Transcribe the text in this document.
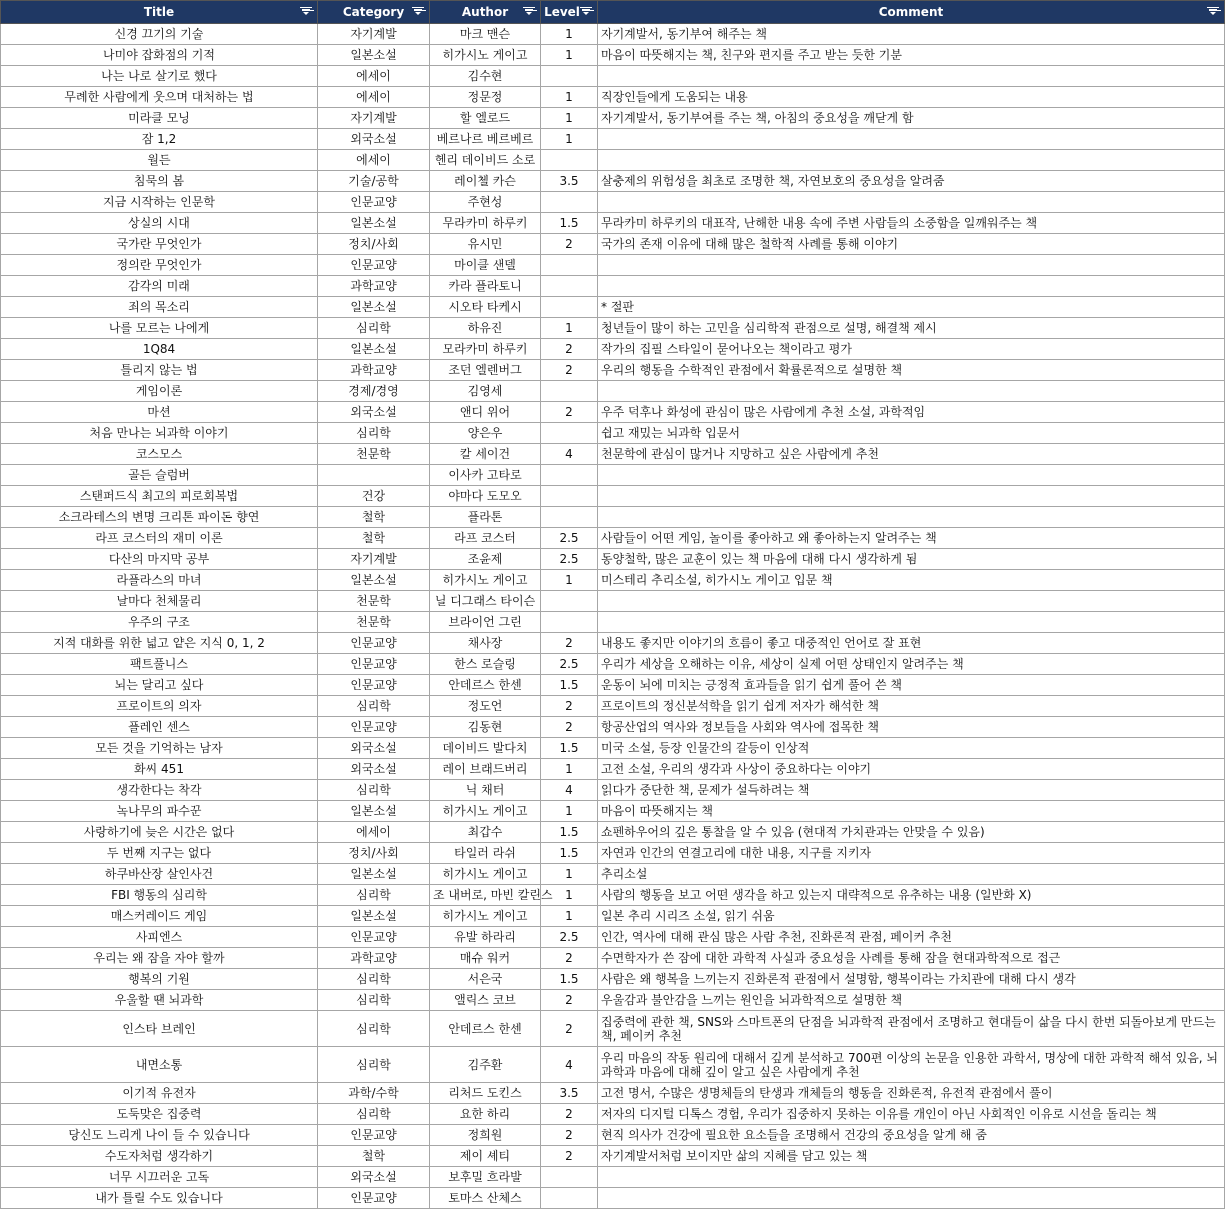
Title	Category	Author	Level	Comment

신경 끄기의 기술	자기계발	마크 맨슨	1	자기계발서, 동기부여 해주는 책
나미야 잡화점의 기적	일본소설	히가시노 게이고	1	마음이 따뜻해지는 책, 친구와 편지를 주고 받는 듯한 기분
나는 나로 살기로 했다	에세이	김수현		
무례한 사람에게 웃으며 대처하는 법	에세이	정문정	1	직장인들에게 도움되는 내용
미라클 모닝	자기계발	할 엘로드	1	자기계발서, 동기부여를 주는 책, 아침의 중요성을 깨닫게 함
잠 1,2	외국소설	베르나르 베르베르	1	
월든	에세이	헨리 데이비드 소로		
침묵의 봄	기술/공학	레이첼 카슨	3.5	살충제의 위험성을 최초로 조명한 책, 자연보호의 중요성을 알려줌
지금 시작하는 인문학	인문교양	주현성		
상실의 시대	일본소설	무라카미 하루키	1.5	무라카미 하루키의 대표작, 난해한 내용 속에 주변 사람들의 소중함을 일깨워주는 책
국가란 무엇인가	정치/사회	유시민	2	국가의 존재 이유에 대해 많은 철학적 사례를 통해 이야기
정의란 무엇인가	인문교양	마이클 샌델		
감각의 미래	과학교양	카라 플라토니		
죄의 목소리	일본소설	시오타 타케시		* 절판
나를 모르는 나에게	심리학	하유진	1	청년들이 많이 하는 고민을 심리학적 관점으로 설명, 해결책 제시
1Q84	일본소설	모라카미 하루키	2	작가의 집필 스타일이 묻어나오는 책이라고 평가
틀리지 않는 법	과학교양	조던 엘렌버그	2	우리의 행동을 수학적인 관점에서 확률론적으로 설명한 책
게임이론	경제/경영	김영세		
마션	외국소설	앤디 위어	2	우주 덕후나 화성에 관심이 많은 사람에게 추천 소설, 과학적임
처음 만나는 뇌과학 이야기	심리학	양은우		쉽고 재밌는 뇌과학 입문서
코스모스	천문학	칼 세이건	4	천문학에 관심이 많거나 지망하고 싶은 사람에게 추천
골든 슬럼버		이사카 고타로		
스탠퍼드식 최고의 피로회복법	건강	야마다 도모오		
소크라테스의 변명 크리톤 파이돈 향연	철학	플라톤		
라프 코스터의 재미 이론	철학	라프 코스터	2.5	사람들이 어떤 게임, 놀이를 좋아하고 왜 좋아하는지 알려주는 책
다산의 마지막 공부	자기계발	조윤제	2.5	동양철학, 많은 교훈이 있는 책 마음에 대해 다시 생각하게 됨
라플라스의 마녀	일본소설	히가시노 게이고	1	미스테리 추리소설, 히가시노 게이고 입문 책
날마다 천체물리	천문학	닐 디그래스 타이슨		
우주의 구조	천문학	브라이언 그린		
지적 대화를 위한 넓고 얕은 지식 0, 1, 2	인문교양	채사장	2	내용도 좋지만 이야기의 흐름이 좋고 대중적인 언어로 잘 표현
팩트풀니스	인문교양	한스 로슬링	2.5	우리가 세상을 오해하는 이유, 세상이 실제 어떤 상태인지 알려주는 책
뇌는 달리고 싶다	인문교양	안데르스 한센	1.5	운동이 뇌에 미치는 긍정적 효과들을 읽기 쉽게 풀어 쓴 책
프로이트의 의자	심리학	정도언	2	프로이트의 정신분석학을 읽기 쉽게 저자가 해석한 책
플레인 센스	인문교양	김동현	2	항공산업의 역사와 정보들을 사회와 역사에 접목한 책
모든 것을 기억하는 남자	외국소설	데이비드 발다치	1.5	미국 소설, 등장 인물간의 갈등이 인상적
화씨 451	외국소설	레이 브래드버리	1	고전 소설, 우리의 생각과 사상이 중요하다는 이야기
생각한다는 착각	심리학	닉 채터	4	읽다가 중단한 책, 문제가 설득하려는 책
녹나무의 파수꾼	일본소설	히가시노 게이고	1	마음이 따뜻해지는 책
사랑하기에 늦은 시간은 없다	에세이	최갑수	1.5	쇼펜하우어의 깊은 통찰을 알 수 있음 (현대적 가치관과는 안맞을 수 있음)
두 번째 지구는 없다	정치/사회	타일러 라쉬	1.5	자연과 인간의 연결고리에 대한 내용, 지구를 지키자
하쿠바산장 살인사건	일본소설	히가시노 게이고	1	추리소설
FBI 행동의 심리학	심리학	조 내버로, 마빈 칼린스	1	사람의 행동을 보고 어떤 생각을 하고 있는지 대략적으로 유추하는 내용 (일반화 X)
매스커레이드 게임	일본소설	히가시노 게이고	1	일본 추리 시리즈 소설, 읽기 쉬움
사피엔스	인문교양	유발 하라리	2.5	인간, 역사에 대해 관심 많은 사람 추천, 진화론적 관점, 페이커 추천
우리는 왜 잠을 자야 할까	과학교양	매슈 워커	2	수면학자가 쓴 잠에 대한 과학적 사실과 중요성을 사례를 통해 잠을 현대과학적으로 접근
행복의 기원	심리학	서은국	1.5	사람은 왜 행복을 느끼는지 진화론적 관점에서 설명함, 행복이라는 가치관에 대해 다시 생각
우울할 땐 뇌과학	심리학	앨릭스 코브	2	우울감과 불안감을 느끼는 원인을 뇌과학적으로 설명한 책
인스타 브레인	심리학	안데르스 한센	2	집중력에 관한 책, SNS와 스마트폰의 단점을 뇌과학적 관점에서 조명하고 현대들이 삶을 다시 한번 되돌아보게 만드는 책, 페이커 추천
내면소통	심리학	김주환	4	우리 마음의 작동 원리에 대해서 깊게 분석하고 700편 이상의 논문을 인용한 과학서, 명상에 대한 과학적 해석 있음, 뇌과학과 마음에 대해 깊이 알고 싶은 사람에게 추천
이기적 유전자	과학/수학	리처드 도킨스	3.5	고전 명서, 수많은 생명체들의 탄생과 개체들의 행동을 진화론적, 유전적 관점에서 풀이
도둑맞은 집중력	심리학	요한 하리	2	저자의 디지털 디톡스 경험, 우리가 집중하지 못하는 이유를 개인이 아닌 사회적인 이유로 시선을 돌리는 책
당신도 느리게 나이 들 수 있습니다	인문교양	정희원	2	현직 의사가 건강에 필요한 요소들을 조명해서 건강의 중요성을 알게 해 줌
수도자처럼 생각하기	철학	제이 셰티	2	자기계발서처럼 보이지만 삶의 지혜를 담고 있는 책
너무 시끄러운 고독	외국소설	보후밀 흐라발		
내가 틀릴 수도 있습니다	인문교양	토마스 산체스		
